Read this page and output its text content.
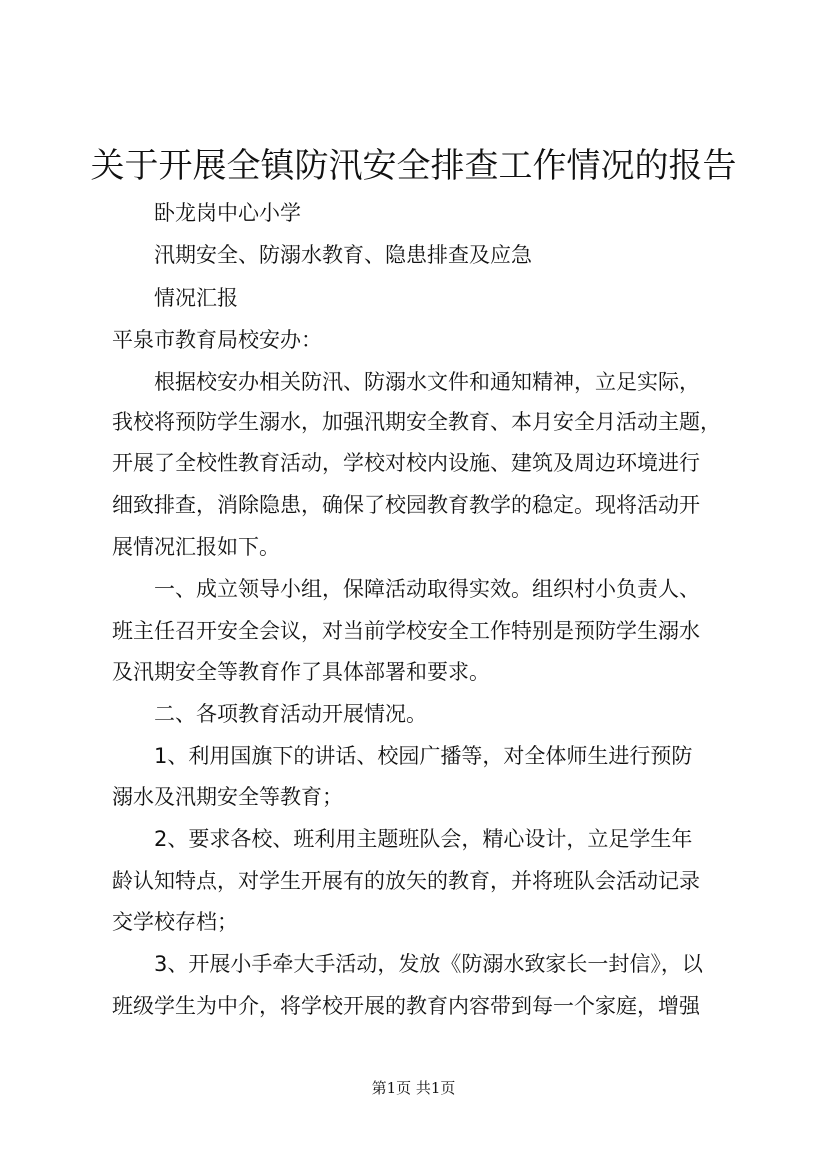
关于开展全镇防汛安全排查工作情况的报告
卧龙岗中心小学
汛期安全、防溺水教育、隐患排查及应急
情况汇报
平泉市教育局校安办：
根据校安办相关防汛、防溺水文件和通知精神，立足实际，
我校将预防学生溺水，加强汛期安全教育、本月安全月活动主题，
开展了全校性教育活动，学校对校内设施、建筑及周边环境进行
细致排查，消除隐患，确保了校园教育教学的稳定。现将活动开
展情况汇报如下。
一、成立领导小组，保障活动取得实效。组织村小负责人、
班主任召开安全会议，对当前学校安全工作特别是预防学生溺水
及汛期安全等教育作了具体部署和要求。
二、各项教育活动开展情况。
1、利用国旗下的讲话、校园广播等，对全体师生进行预防
溺水及汛期安全等教育；
2、要求各校、班利用主题班队会，精心设计，立足学生年
龄认知特点，对学生开展有的放矢的教育，并将班队会活动记录
交学校存档；
3、开展小手牵大手活动，发放《防溺水致家长一封信》，以
班级学生为中介，将学校开展的教育内容带到每一个家庭，增强
第1页 共1页
